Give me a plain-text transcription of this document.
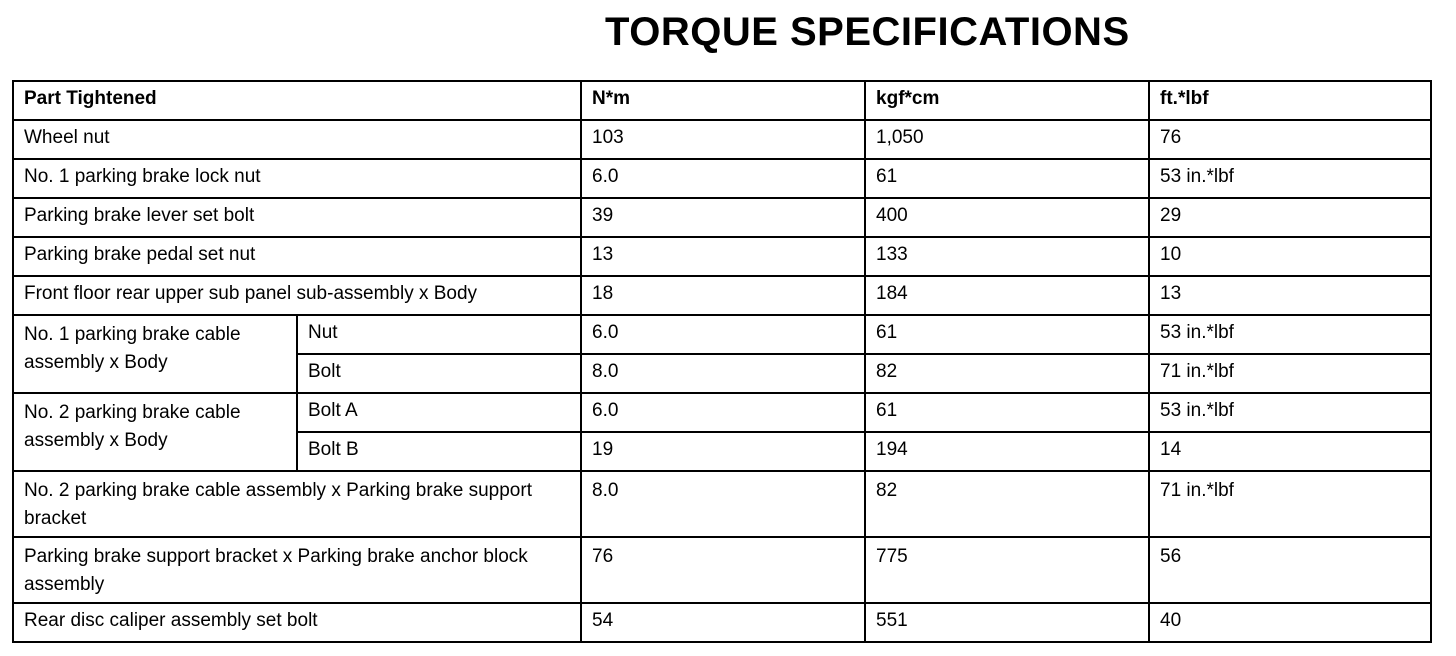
TORQUE SPECIFICATIONS
Part Tightened		N*m	kgf*cm	ft.*lbf
Wheel nut		103	1,050	76
No. 1 parking brake lock nut		6.0	61	53 in.*lbf
Parking brake lever set bolt		39	400	29
Parking brake pedal set nut		13	133	10
Front floor rear upper sub panel sub-assembly x Body		18	184	13
No. 1 parking brake cable assembly x Body	Nut	6.0	61	53 in.*lbf
	Bolt	8.0	82	71 in.*lbf
No. 2 parking brake cable assembly x Body	Bolt A	6.0	61	53 in.*lbf
	Bolt B	19	194	14
No. 2 parking brake cable assembly x Parking brake support bracket		8.0	82	71 in.*lbf
Parking brake support bracket x Parking brake anchor block assembly		76	775	56
Rear disc caliper assembly set bolt		54	551	40
